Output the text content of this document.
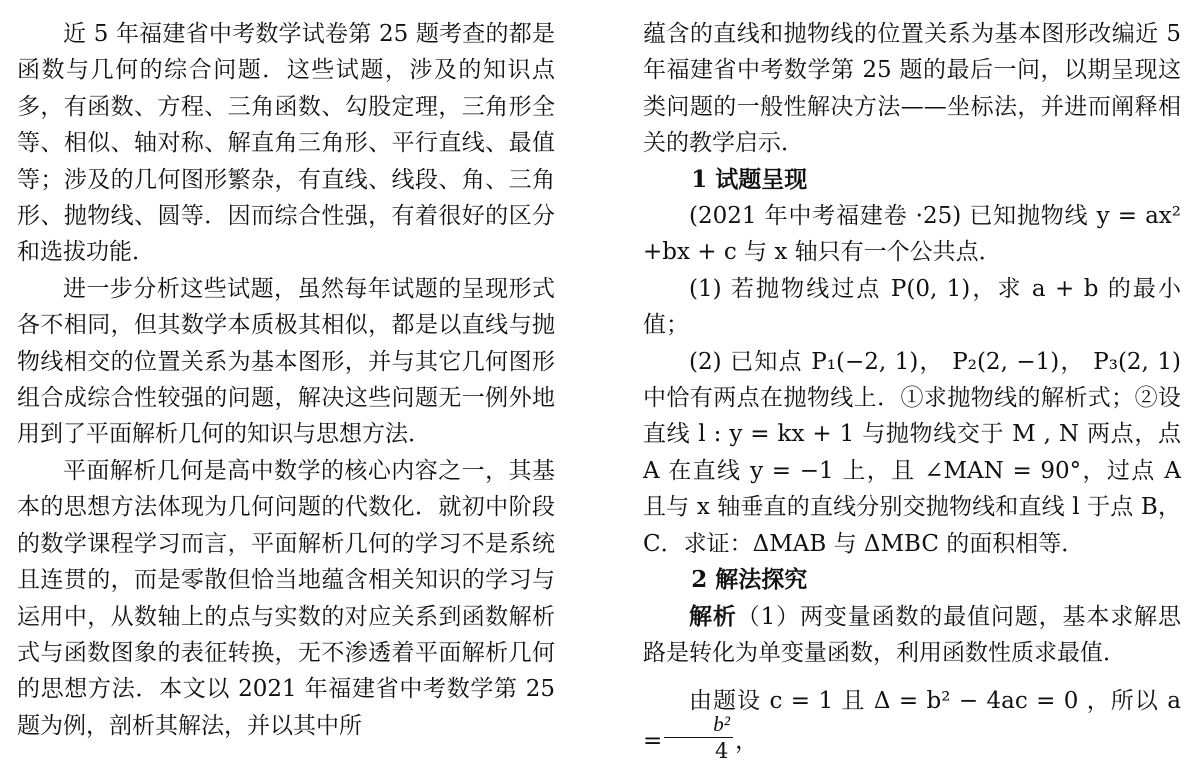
近 5 年福建省中考数学试卷第 25 题考查的都是函数与几何的综合问题．这些试题，涉及的知识点多，有函数、方程、三角函数、勾股定理，三角形全等、相似、轴对称、解直角三角形、平行直线、最值等；涉及的几何图形繁杂，有直线、线段、角、三角形、抛物线、圆等．因而综合性强，有着很好的区分和选拔功能．

进一步分析这些试题，虽然每年试题的呈现形式各不相同，但其数学本质极其相似，都是以直线与抛物线相交的位置关系为基本图形，并与其它几何图形组合成综合性较强的问题，解决这些问题无一例外地用到了平面解析几何的知识与思想方法．

平面解析几何是高中数学的核心内容之一，其基本的思想方法体现为几何问题的代数化．就初中阶段的数学课程学习而言，平面解析几何的学习不是系统且连贯的，而是零散但恰当地蕴含相关知识的学习与运用中，从数轴上的点与实数的对应关系到函数解析式与函数图象的表征转换，无不渗透着平面解析几何的思想方法．本文以 2021 年福建省中考数学第 25 题为例，剖析其解法，并以其中所

蕴含的直线和抛物线的位置关系为基本图形改编近 5 年福建省中考数学第 25 题的最后一问，以期呈现这类问题的一般性解决方法——坐标法，并进而阐释相关的教学启示．

1 试题呈现

(2021 年中考福建卷 ·25) 已知抛物线 y = ax² +bx + c 与 x 轴只有一个公共点．

(1) 若抛物线过点 P(0, 1)，求 a + b 的最小值；

(2) 已知点 P₁(−2, 1)， P₂(2, −1)， P₃(2, 1) 中恰有两点在抛物线上．①求抛物线的解析式；②设直线 l : y = kx + 1 与抛物线交于 M , N 两点，点 A 在直线 y = −1 上，且 ∠MAN = 90°，过点 A 且与 x 轴垂直的直线分别交抛物线和直线 l 于点 B，C．求证：ΔMAB 与 ΔMBC 的面积相等．

2 解法探究

解析（1）两变量函数的最值问题，基本求解思路是转化为单变量函数，利用函数性质求最值．

由题设 c = 1 且 Δ = b² − 4ac = 0 ，所以 $a = \frac{\text{b²}}{4}$ ，
